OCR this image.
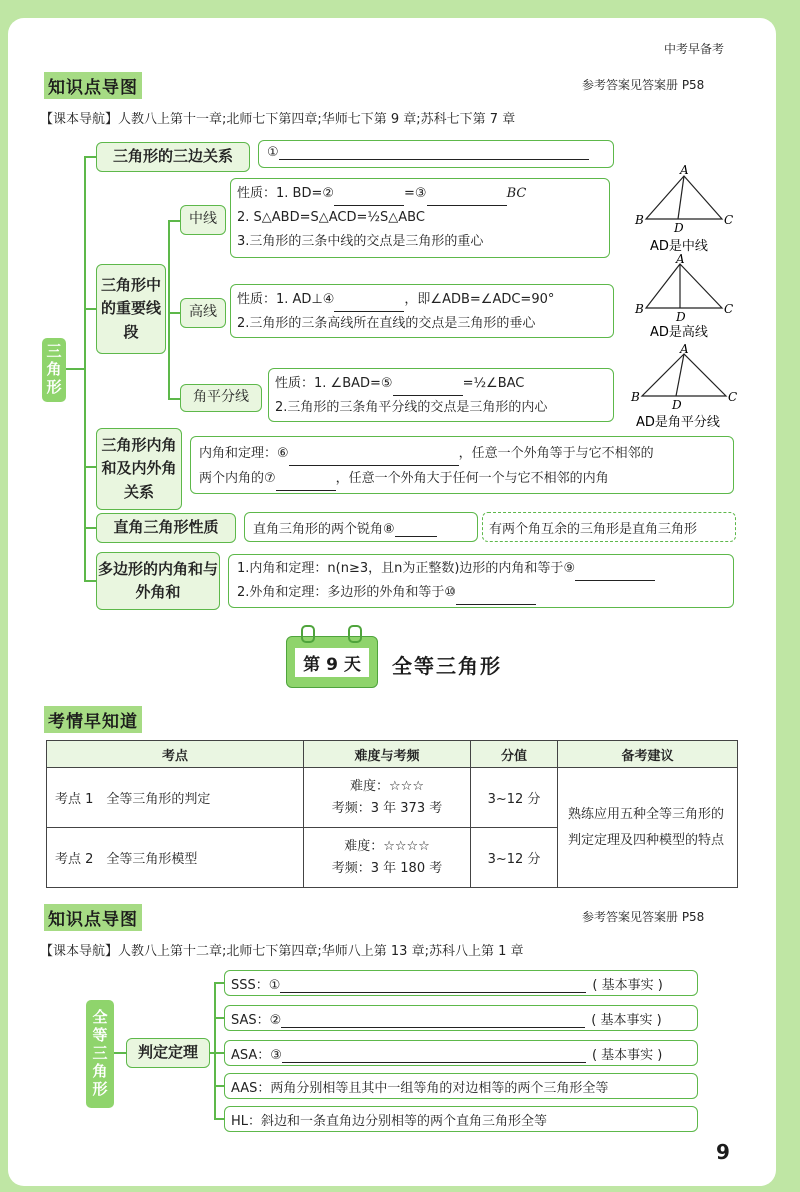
中考早备考
知识点导图	参考答案见答案册 P58
【课本导航】人教八上第十一章;北师七下第四章;华师七下第 9 章;苏科七下第 7 章
三角形
三角形的三边关系	①
三角形中的重要线段
中线
性质：1. BD=②	=③	BC
2. S△ABD=S△ACD=½S△ABC
3.三角形的三条中线的交点是三角形的重心
高线
性质：1. AD⊥④	，即∠ADB=∠ADC=90°
2.三角形的三条高线所在直线的交点是三角形的垂心
角平分线
性质：1. ∠BAD=⑤	=½∠BAC
2.三角形的三条角平分线的交点是三角形的内心
A
B	C
D
AD是中线
A
B	C
D
AD是高线
A
B	C
D
AD是角平分线
三角形内角和及内外角关系
内角和定理：⑥	，任意一个外角等于与它不相邻的
两个内角的⑦	，任意一个外角大于任何一个与它不相邻的内角
直角三角形性质	直角三角形的两个锐角⑧	有两个角互余的三角形是直角三角形
多边形的内角和与外角和
1.内角和定理：n(n≥3，且n为正整数)边形的内角和等于⑨
2.外角和定理：多边形的外角和等于⑩
第 9 天	全等三角形
考情早知道
考点	难度与考频	分值	备考建议
考点 1　全等三角形的判定	难度：☆☆☆
考频：3 年 373 考	3~12 分	熟练应用五种全等三角形的判定定理及四种模型的特点
考点 2　全等三角形模型	难度：☆☆☆☆
考频：3 年 180 考	3~12 分	
知识点导图	参考答案见答案册 P58
【课本导航】人教八上第十二章;北师七下第四章;华师八上第 13 章;苏科八上第 1 章
全等三角形	判定定理
SSS：①	( 基本事实 )
SAS：②	( 基本事实 )
ASA：③	( 基本事实 )
AAS：两角分别相等且其中一组等角的对边相等的两个三角形全等
HL：斜边和一条直角边分别相等的两个直角三角形全等
9
